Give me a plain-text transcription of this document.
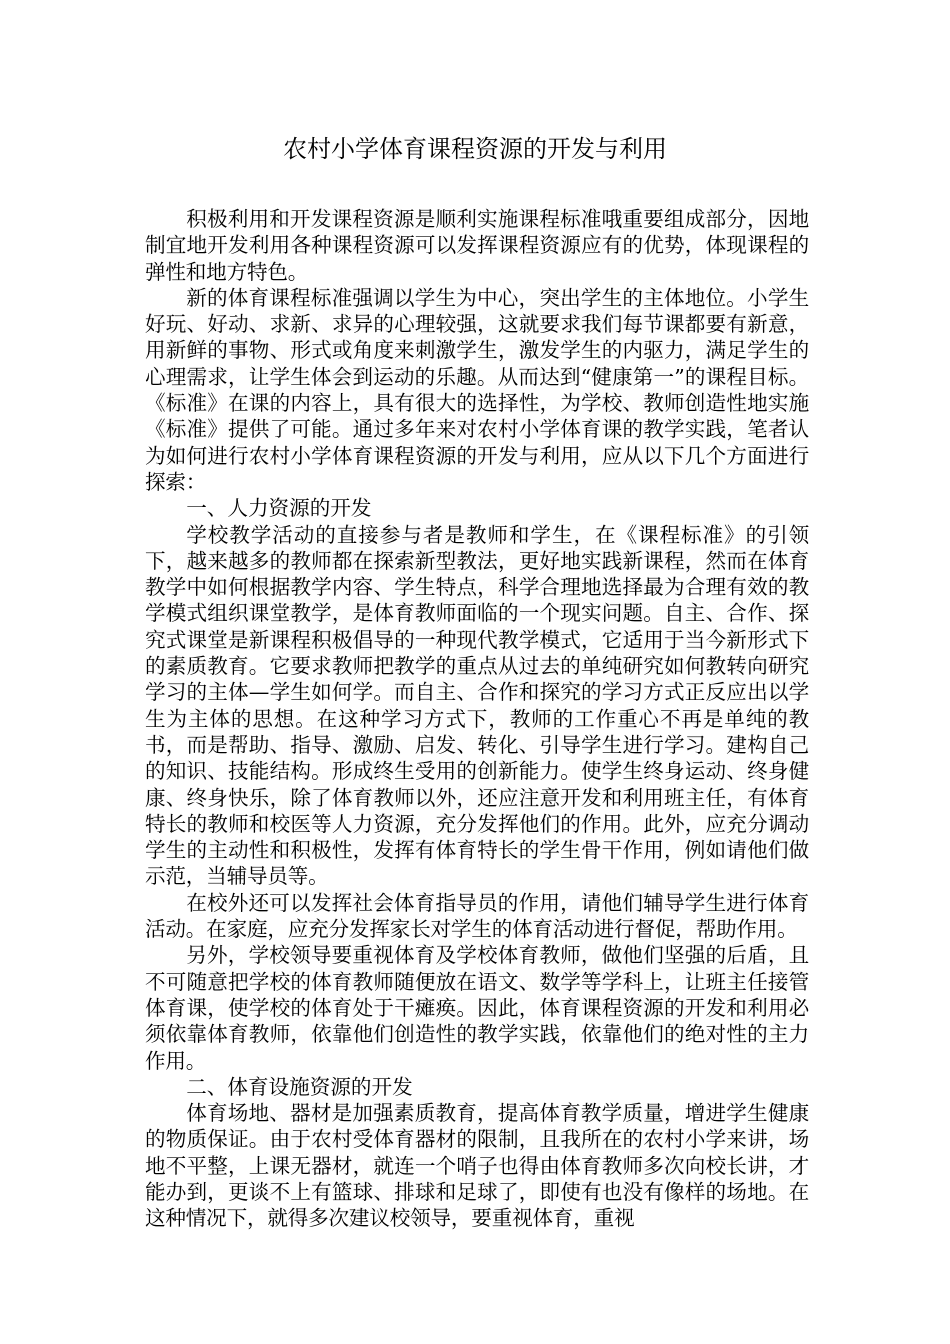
农村小学体育课程资源的开发与利用

积极利用和开发课程资源是顺利实施课程标准哦重要组成部分，因地制宜地开发利用各种课程资源可以发挥课程资源应有的优势，体现课程的弹性和地方特色。

新的体育课程标准强调以学生为中心，突出学生的主体地位。小学生好玩、好动、求新、求异的心理较强，这就要求我们每节课都要有新意，用新鲜的事物、形式或角度来刺激学生，激发学生的内驱力，满足学生的心理需求，让学生体会到运动的乐趣。从而达到“健康第一”的课程目标。《标准》在课的内容上，具有很大的选择性，为学校、教师创造性地实施《标准》提供了可能。通过多年来对农村小学体育课的教学实践，笔者认为如何进行农村小学体育课程资源的开发与利用，应从以下几个方面进行探索：

一、人力资源的开发

学校教学活动的直接参与者是教师和学生，在《课程标准》的引领下，越来越多的教师都在探索新型教法，更好地实践新课程，然而在体育教学中如何根据教学内容、学生特点，科学合理地选择最为合理有效的教学模式组织课堂教学，是体育教师面临的一个现实问题。自主、合作、探究式课堂是新课程积极倡导的一种现代教学模式，它适用于当今新形式下的素质教育。它要求教师把教学的重点从过去的单纯研究如何教转向研究学习的主体—学生如何学。而自主、合作和探究的学习方式正反应出以学生为主体的思想。在这种学习方式下，教师的工作重心不再是单纯的教书，而是帮助、指导、激励、启发、转化、引导学生进行学习。建构自己的知识、技能结构。形成终生受用的创新能力。使学生终身运动、终身健康、终身快乐，除了体育教师以外，还应注意开发和利用班主任，有体育特长的教师和校医等人力资源，充分发挥他们的作用。此外，应充分调动学生的主动性和积极性，发挥有体育特长的学生骨干作用，例如请他们做示范，当辅导员等。

在校外还可以发挥社会体育指导员的作用，请他们辅导学生进行体育活动。在家庭，应充分发挥家长对学生的体育活动进行督促，帮助作用。

另外，学校领导要重视体育及学校体育教师，做他们坚强的后盾，且不可随意把学校的体育教师随便放在语文、数学等学科上，让班主任接管体育课，使学校的体育处于干瘫痪。因此，体育课程资源的开发和利用必须依靠体育教师，依靠他们创造性的教学实践，依靠他们的绝对性的主力作用。

二、体育设施资源的开发

体育场地、器材是加强素质教育，提高体育教学质量，增进学生健康的物质保证。由于农村受体育器材的限制，且我所在的农村小学来讲，场地不平整，上课无器材，就连一个哨子也得由体育教师多次向校长讲，才能办到，更谈不上有篮球、排球和足球了，即使有也没有像样的场地。在这种情况下，就得多次建议校领导，要重视体育，重视
